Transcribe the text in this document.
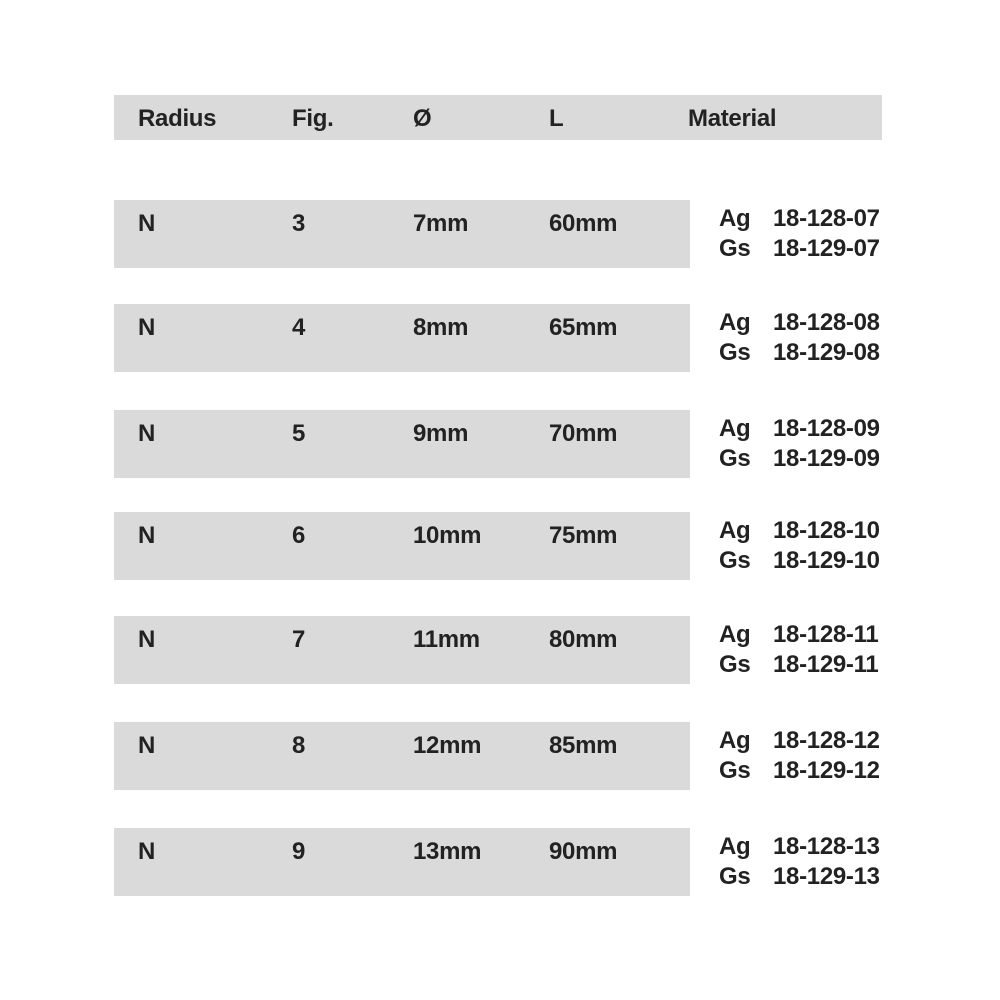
Radius	Fig.	Ø	L	Material
N	3	7mm	60mm	Ag 18-128-07
Gs 18-129-07
N	4	8mm	65mm	Ag 18-128-08
Gs 18-129-08
N	5	9mm	70mm	Ag 18-128-09
Gs 18-129-09
N	6	10mm	75mm	Ag 18-128-10
Gs 18-129-10
N	7	11mm	80mm	Ag 18-128-11
Gs 18-129-11
N	8	12mm	85mm	Ag 18-128-12
Gs 18-129-12
N	9	13mm	90mm	Ag 18-128-13
Gs 18-129-13
